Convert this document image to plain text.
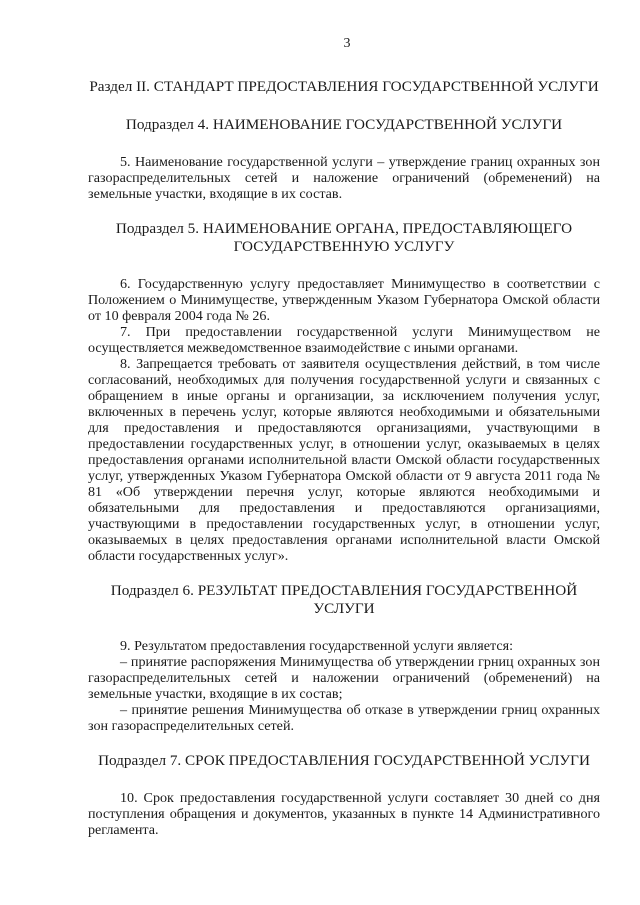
3
Раздел II. СТАНДАРТ ПРЕДОСТАВЛЕНИЯ ГОСУДАРСТВЕННОЙ УСЛУГИ
Подраздел 4. НАИМЕНОВАНИЕ ГОСУДАРСТВЕННОЙ УСЛУГИ

5. Наименование государственной услуги – утверждение границ охранных зон газораспределительных сетей и наложение ограничений (обременений) на земельные участки, входящие в их состав.

Подраздел 5. НАИМЕНОВАНИЕ ОРГАНА, ПРЕДОСТАВЛЯЮЩЕГО ГОСУДАРСТВЕННУЮ УСЛУГУ

6. Государственную услугу предоставляет Минимущество в соответствии с Положением о Минимуществе, утвержденным Указом Губернатора Омской области от 10 февраля 2004 года № 26.

7. При предоставлении государственной услуги Минимуществом не осуществляется межведомственное взаимодействие с иными органами.

8. Запрещается требовать от заявителя осуществления действий, в том числе согласований, необходимых для получения государственной услуги и связанных с обращением в иные органы и организации, за исключением получения услуг, включенных в перечень услуг, которые являются необходимыми и обязательными для предоставления и предоставляются организациями, участвующими в предоставлении государственных услуг, в отношении услуг, оказываемых в целях предоставления органами исполнительной власти Омской области государственных услуг, утвержденных Указом Губернатора Омской области от 9 августа 2011 года № 81 «Об утверждении перечня услуг, которые являются необходимыми и обязательными для предоставления и предоставляются организациями, участвующими в предоставлении государственных услуг, в отношении услуг, оказываемых в целях предоставления органами исполнительной власти Омской области государственных услуг».

Подраздел 6. РЕЗУЛЬТАТ ПРЕДОСТАВЛЕНИЯ ГОСУДАРСТВЕННОЙ УСЛУГИ

9. Результатом предоставления государственной услуги является:

– принятие распоряжения Минимущества об утверждении грниц охранных зон газораспределительных сетей и наложении ограничений (обременений) на земельные участки, входящие в их состав;

– принятие решения Минимущества об отказе в утверждении грниц охранных зон газораспределительных сетей.

Подраздел 7. СРОК ПРЕДОСТАВЛЕНИЯ ГОСУДАРСТВЕННОЙ УСЛУГИ

10. Срок предоставления государственной услуги составляет 30 дней со дня поступления обращения и документов, указанных в пункте 14 Административного регламента.
